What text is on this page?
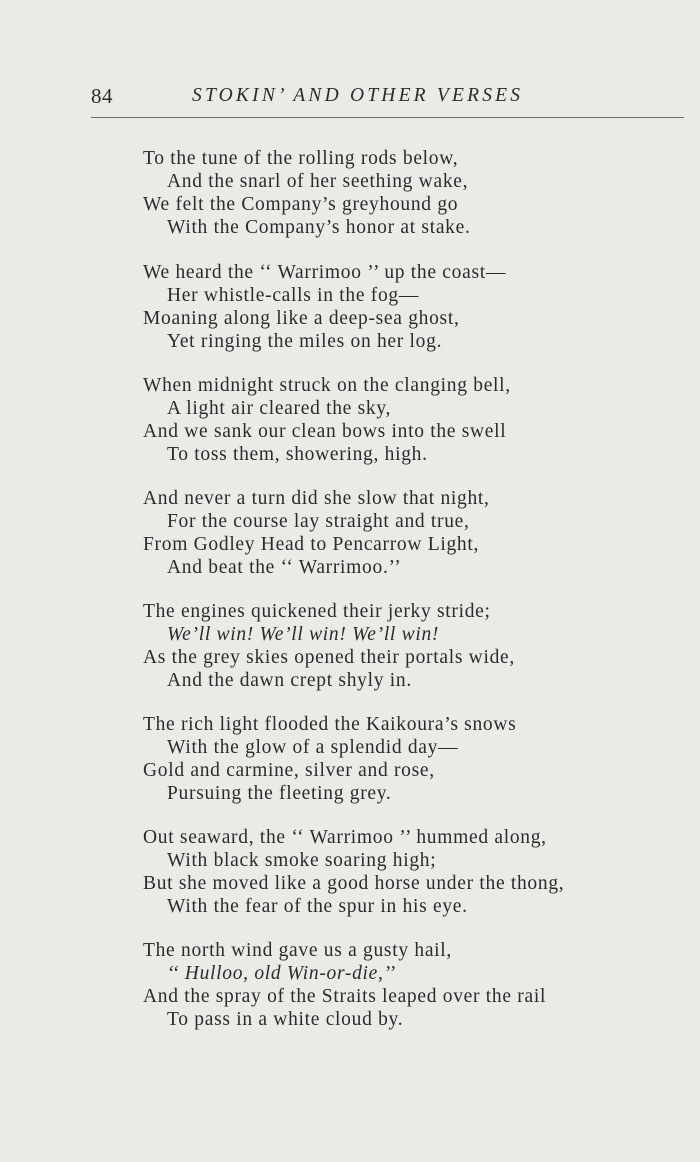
84	STOKIN’ AND OTHER VERSES
To the tune of the rolling rods below,
And the snarl of her seething wake,
We felt the Company’s greyhound go
With the Company’s honor at stake.
We heard the ‘‘ Warrimoo ’’ up the coast—
Her whistle-calls in the fog—
Moaning along like a deep-sea ghost,
Yet ringing the miles on her log.
When midnight struck on the clanging bell,
A light air cleared the sky,
And we sank our clean bows into the swell
To toss them, showering, high.
And never a turn did she slow that night,
For the course lay straight and true,
From Godley Head to Pencarrow Light,
And beat the ‘‘ Warrimoo.’’
The engines quickened their jerky stride;
We’ll win! We’ll win! We’ll win!
As the grey skies opened their portals wide,
And the dawn crept shyly in.
The rich light flooded the Kaikoura’s snows
With the glow of a splendid day—
Gold and carmine, silver and rose,
Pursuing the fleeting grey.
Out seaward, the ‘‘ Warrimoo ’’ hummed along,
With black smoke soaring high;
But she moved like a good horse under the thong,
With the fear of the spur in his eye.
The north wind gave us a gusty hail,
‘‘ Hulloo, old Win-or-die,’’
And the spray of the Straits leaped over the rail
To pass in a white cloud by.
